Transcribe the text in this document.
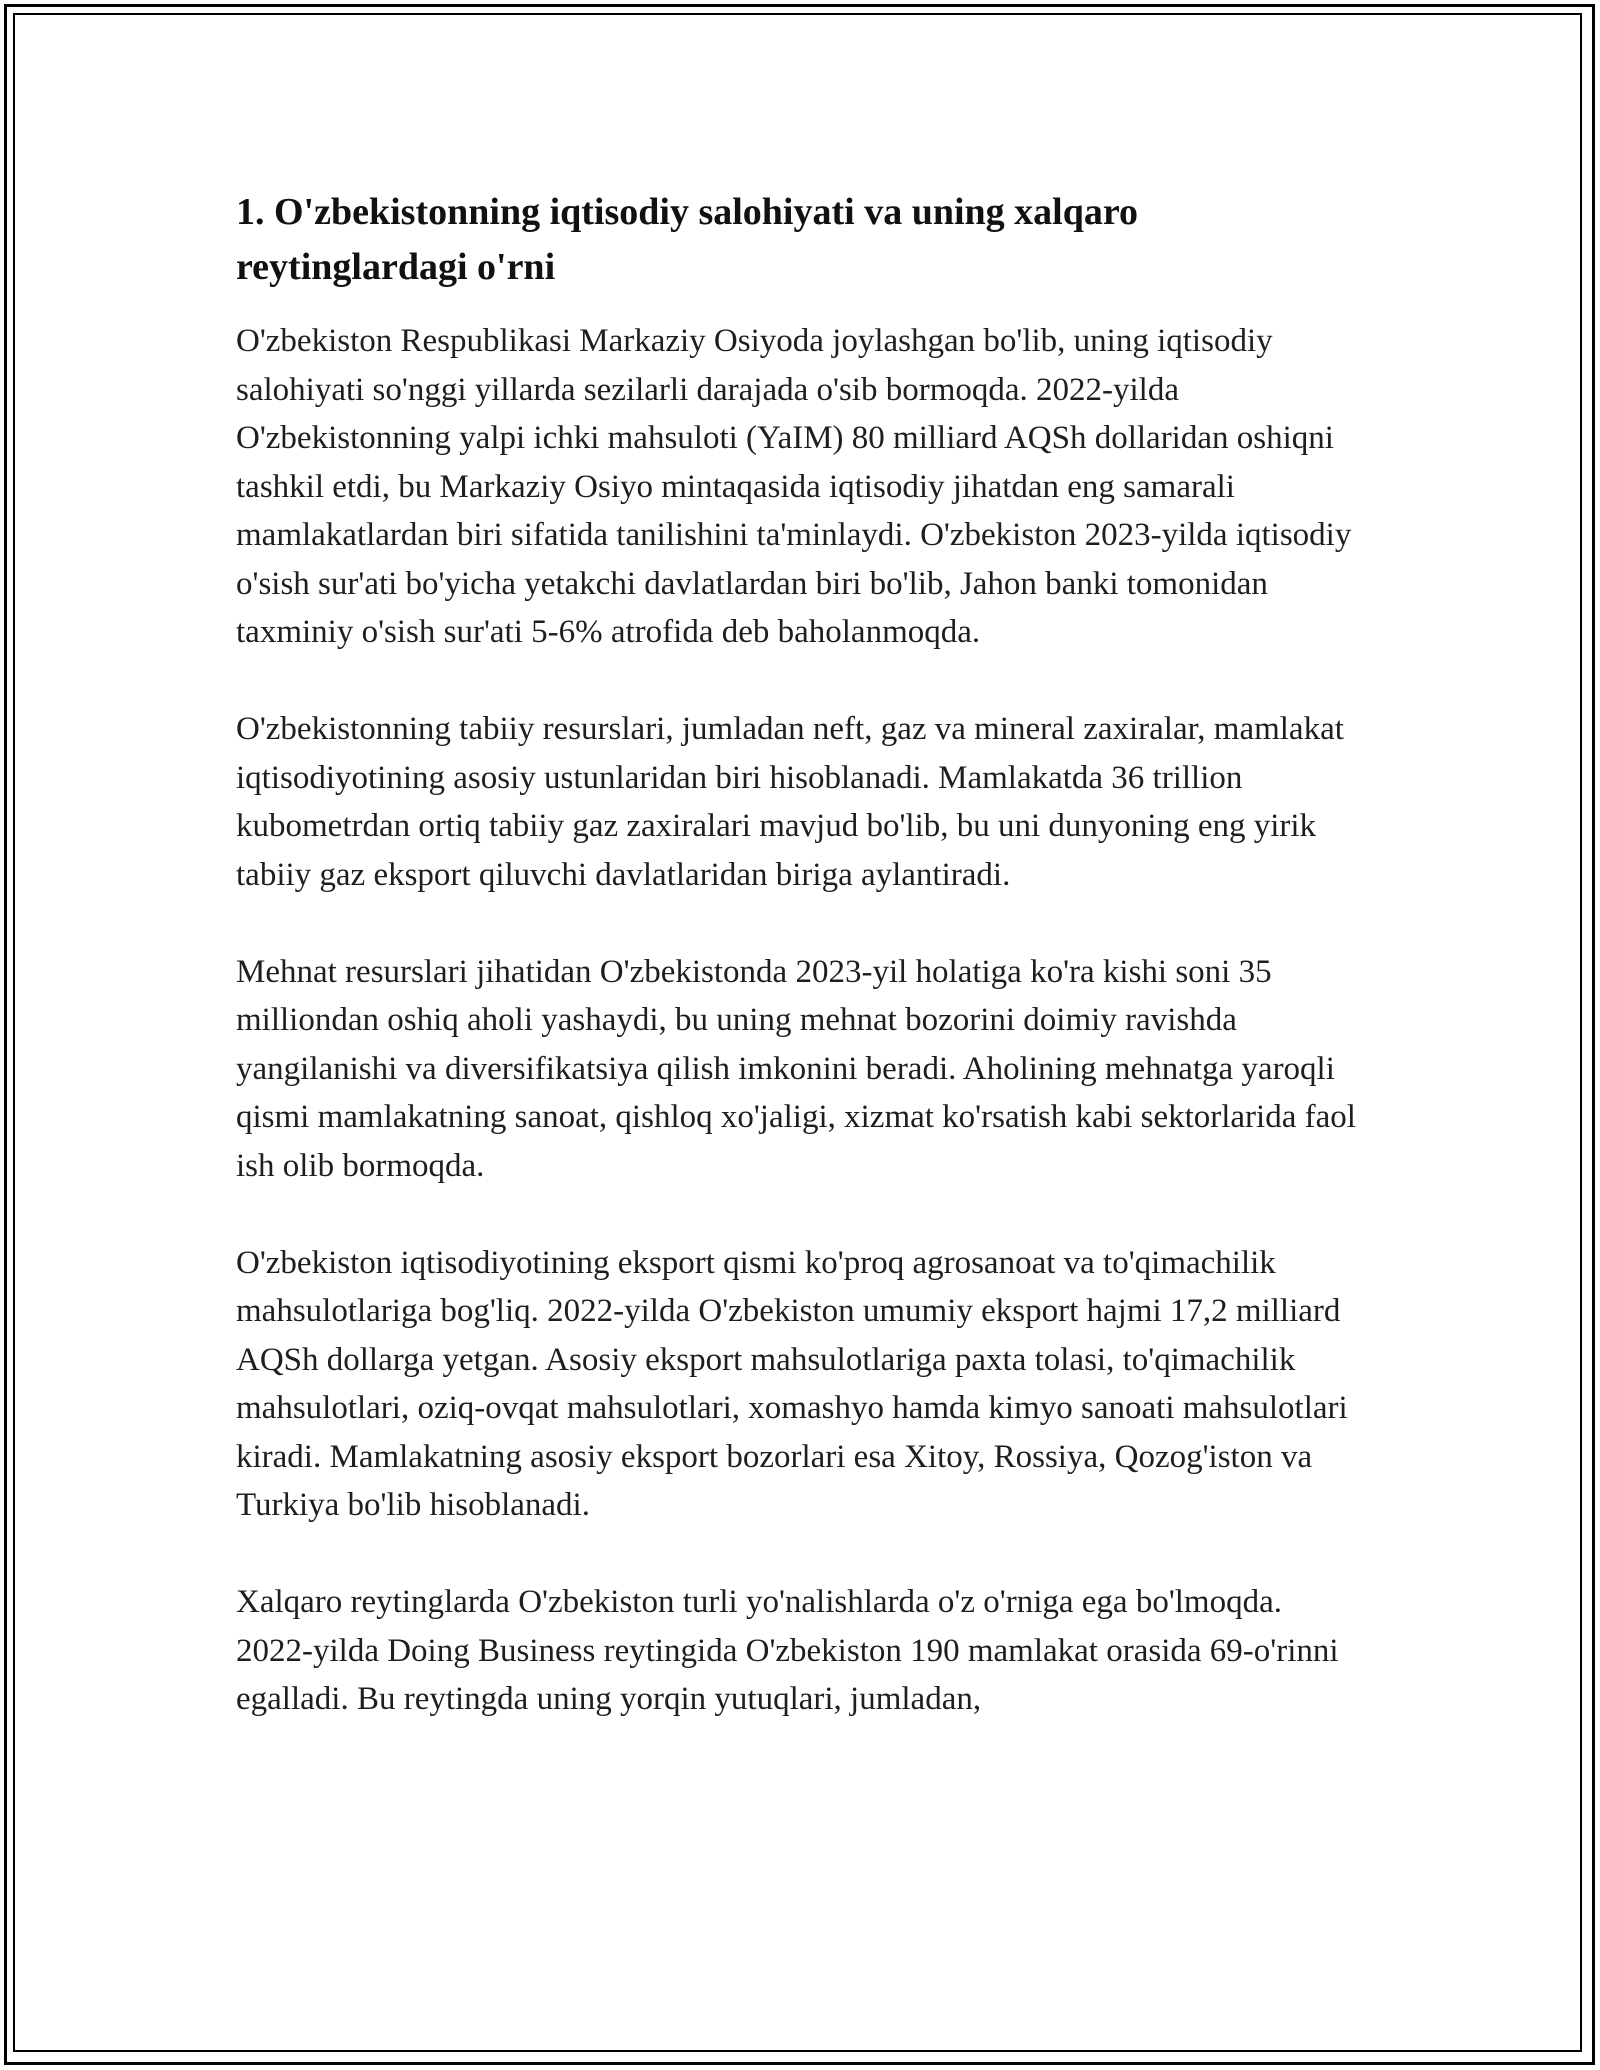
1. O'zbekistonning iqtisodiy salohiyati va uning xalqaro reytinglardagi o'rni

O'zbekiston Respublikasi Markaziy Osiyoda joylashgan bo'lib, uning iqtisodiy salohiyati so'nggi yillarda sezilarli darajada o'sib bormoqda. 2022-yilda O'zbekistonning yalpi ichki mahsuloti (YaIM) 80 milliard AQSh dollaridan oshiqni tashkil etdi, bu Markaziy Osiyo mintaqasida iqtisodiy jihatdan eng samarali mamlakatlardan biri sifatida tanilishini ta'minlaydi. O'zbekiston 2023-yilda iqtisodiy o'sish sur'ati bo'yicha yetakchi davlatlardan biri bo'lib, Jahon banki tomonidan taxminiy o'sish sur'ati 5-6% atrofida deb baholanmoqda.

O'zbekistonning tabiiy resurslari, jumladan neft, gaz va mineral zaxiralar, mamlakat iqtisodiyotining asosiy ustunlaridan biri hisoblanadi. Mamlakatda 36 trillion kubometrdan ortiq tabiiy gaz zaxiralari mavjud bo'lib, bu uni dunyoning eng yirik tabiiy gaz eksport qiluvchi davlatlaridan biriga aylantiradi.

Mehnat resurslari jihatidan O'zbekistonda 2023-yil holatiga ko'ra kishi soni 35 milliondan oshiq aholi yashaydi, bu uning mehnat bozorini doimiy ravishda yangilanishi va diversifikatsiya qilish imkonini beradi. Aholining mehnatga yaroqli qismi mamlakatning sanoat, qishloq xo'jaligi, xizmat ko'rsatish kabi sektorlarida faol ish olib bormoqda.

O'zbekiston iqtisodiyotining eksport qismi ko'proq agrosanoat va to'qimachilik mahsulotlariga bog'liq. 2022-yilda O'zbekiston umumiy eksport hajmi 17,2 milliard AQSh dollarga yetgan. Asosiy eksport mahsulotlariga paxta tolasi, to'qimachilik mahsulotlari, oziq-ovqat mahsulotlari, xomashyo hamda kimyo sanoati mahsulotlari kiradi. Mamlakatning asosiy eksport bozorlari esa Xitoy, Rossiya, Qozog'iston va Turkiya bo'lib hisoblanadi.

Xalqaro reytinglarda O'zbekiston turli yo'nalishlarda o'z o'rniga ega bo'lmoqda. 2022-yilda Doing Business reytingida O'zbekiston 190 mamlakat orasida 69-o'rinni egalladi. Bu reytingda uning yorqin yutuqlari, jumladan,
